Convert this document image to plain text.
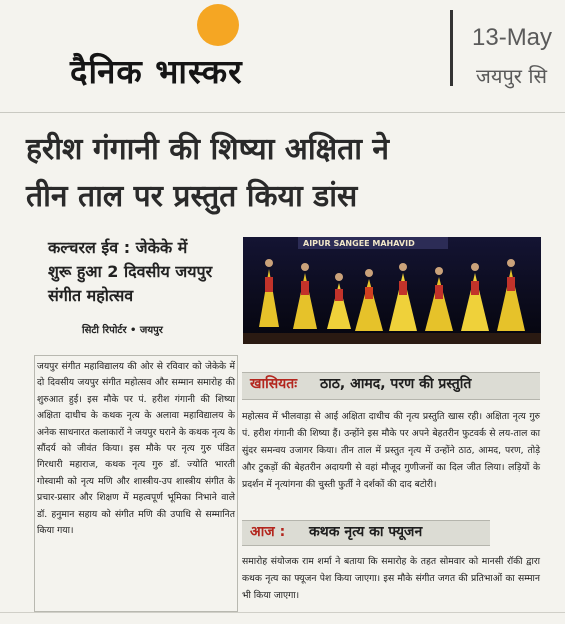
दैनिक भास्कर
13-May
जयपुर सि
हरीश गंगानी की शिष्या अक्षिता ने
तीन ताल पर प्रस्तुत किया डांस
कल्चरल ईव : जेकेके में
शुरू हुआ 2 दिवसीय जयपुर
संगीत महोत्सव
सिटी रिपोर्टर • जयपुर
AIPUR SANGEE MAHAVID
जयपुर संगीत महाविद्यालय की ओर से रविवार को जेकेके में दो दिवसीय जयपुर संगीत महोत्सव और सम्मान समारोह की शुरुआत हुई। इस मौके पर पं. हरीश गंगानी की शिष्या अक्षिता दाधीच के कथक नृत्य के अलावा महाविद्यालय के अनेक साधनारत कलाकारों ने जयपुर घराने के कथक नृत्य के सौंदर्य को जीवंत किया। इस मौके पर नृत्य गुरु पंडित गिरधारी महाराज, कथक नृत्य गुरु डॉ. ज्योति भारती गोस्वामी को नृत्य मणि और शास्त्रीय-उप शास्त्रीय संगीत के प्रचार-प्रसार और शिक्षण में महत्वपूर्ण भूमिका निभाने वाले डॉ. हनुमान सहाय को संगीत मणि की उपाधि से सम्मानित किया गया।
खासियतः ठाठ, आमद, परण की प्रस्तुति
महोत्सव में भीलवाड़ा से आई अक्षिता दाधीच की नृत्य प्रस्तुति खास रही। अक्षिता नृत्य गुरु पं. हरीश गंगानी की शिष्या हैं। उन्होंने इस मौके पर अपने बेहतरीन फुटवर्क से लय-ताल का सुंदर समन्वय उजागर किया। तीन ताल में प्रस्तुत नृत्य में उन्होंने ठाठ, आमद, परण, तोड़े और टुकड़ों की बेहतरीन अदायगी से वहां मौजूद गुणीजनों का दिल जीत लिया। लड़ियों के प्रदर्शन में नृत्यांगना की चुस्ती फुर्ती ने दर्शकों की दाद बटोरी।
आज : कथक नृत्य का फ्यूजन
समारोह संयोजक राम शर्मा ने बताया कि समारोह के तहत सोमवार को मानसी रॉकी द्वारा कथक नृत्य का फ्यूजन पेश किया जाएगा। इस मौके संगीत जगत की प्रतिभाओं का सम्मान भी किया जाएगा।
